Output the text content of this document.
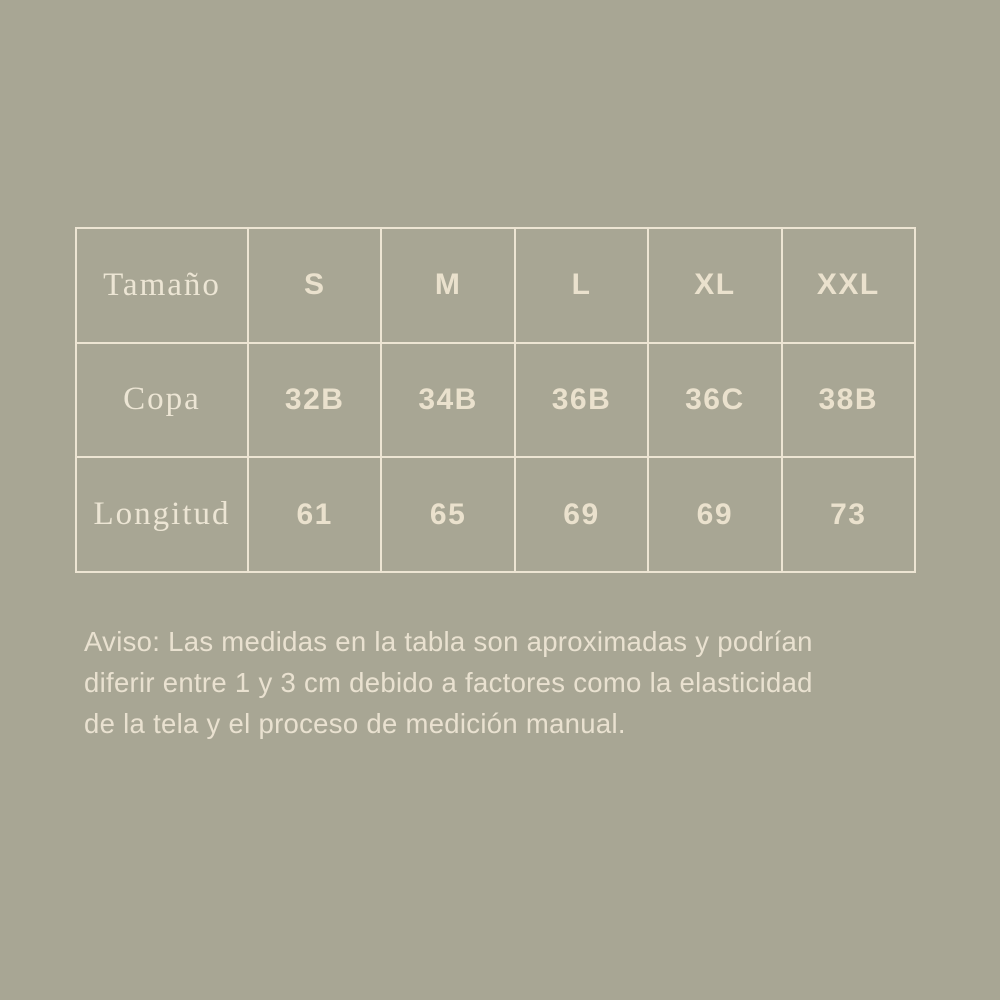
Tamaño	S	M	L	XL	XXL
Copa	32B	34B	36B	36C	38B
Longitud	61	65	69	69	73
Aviso: Las medidas en la tabla son aproximadas y podrían
diferir entre 1 y 3 cm debido a factores como la elasticidad
de la tela y el proceso de medición manual.
